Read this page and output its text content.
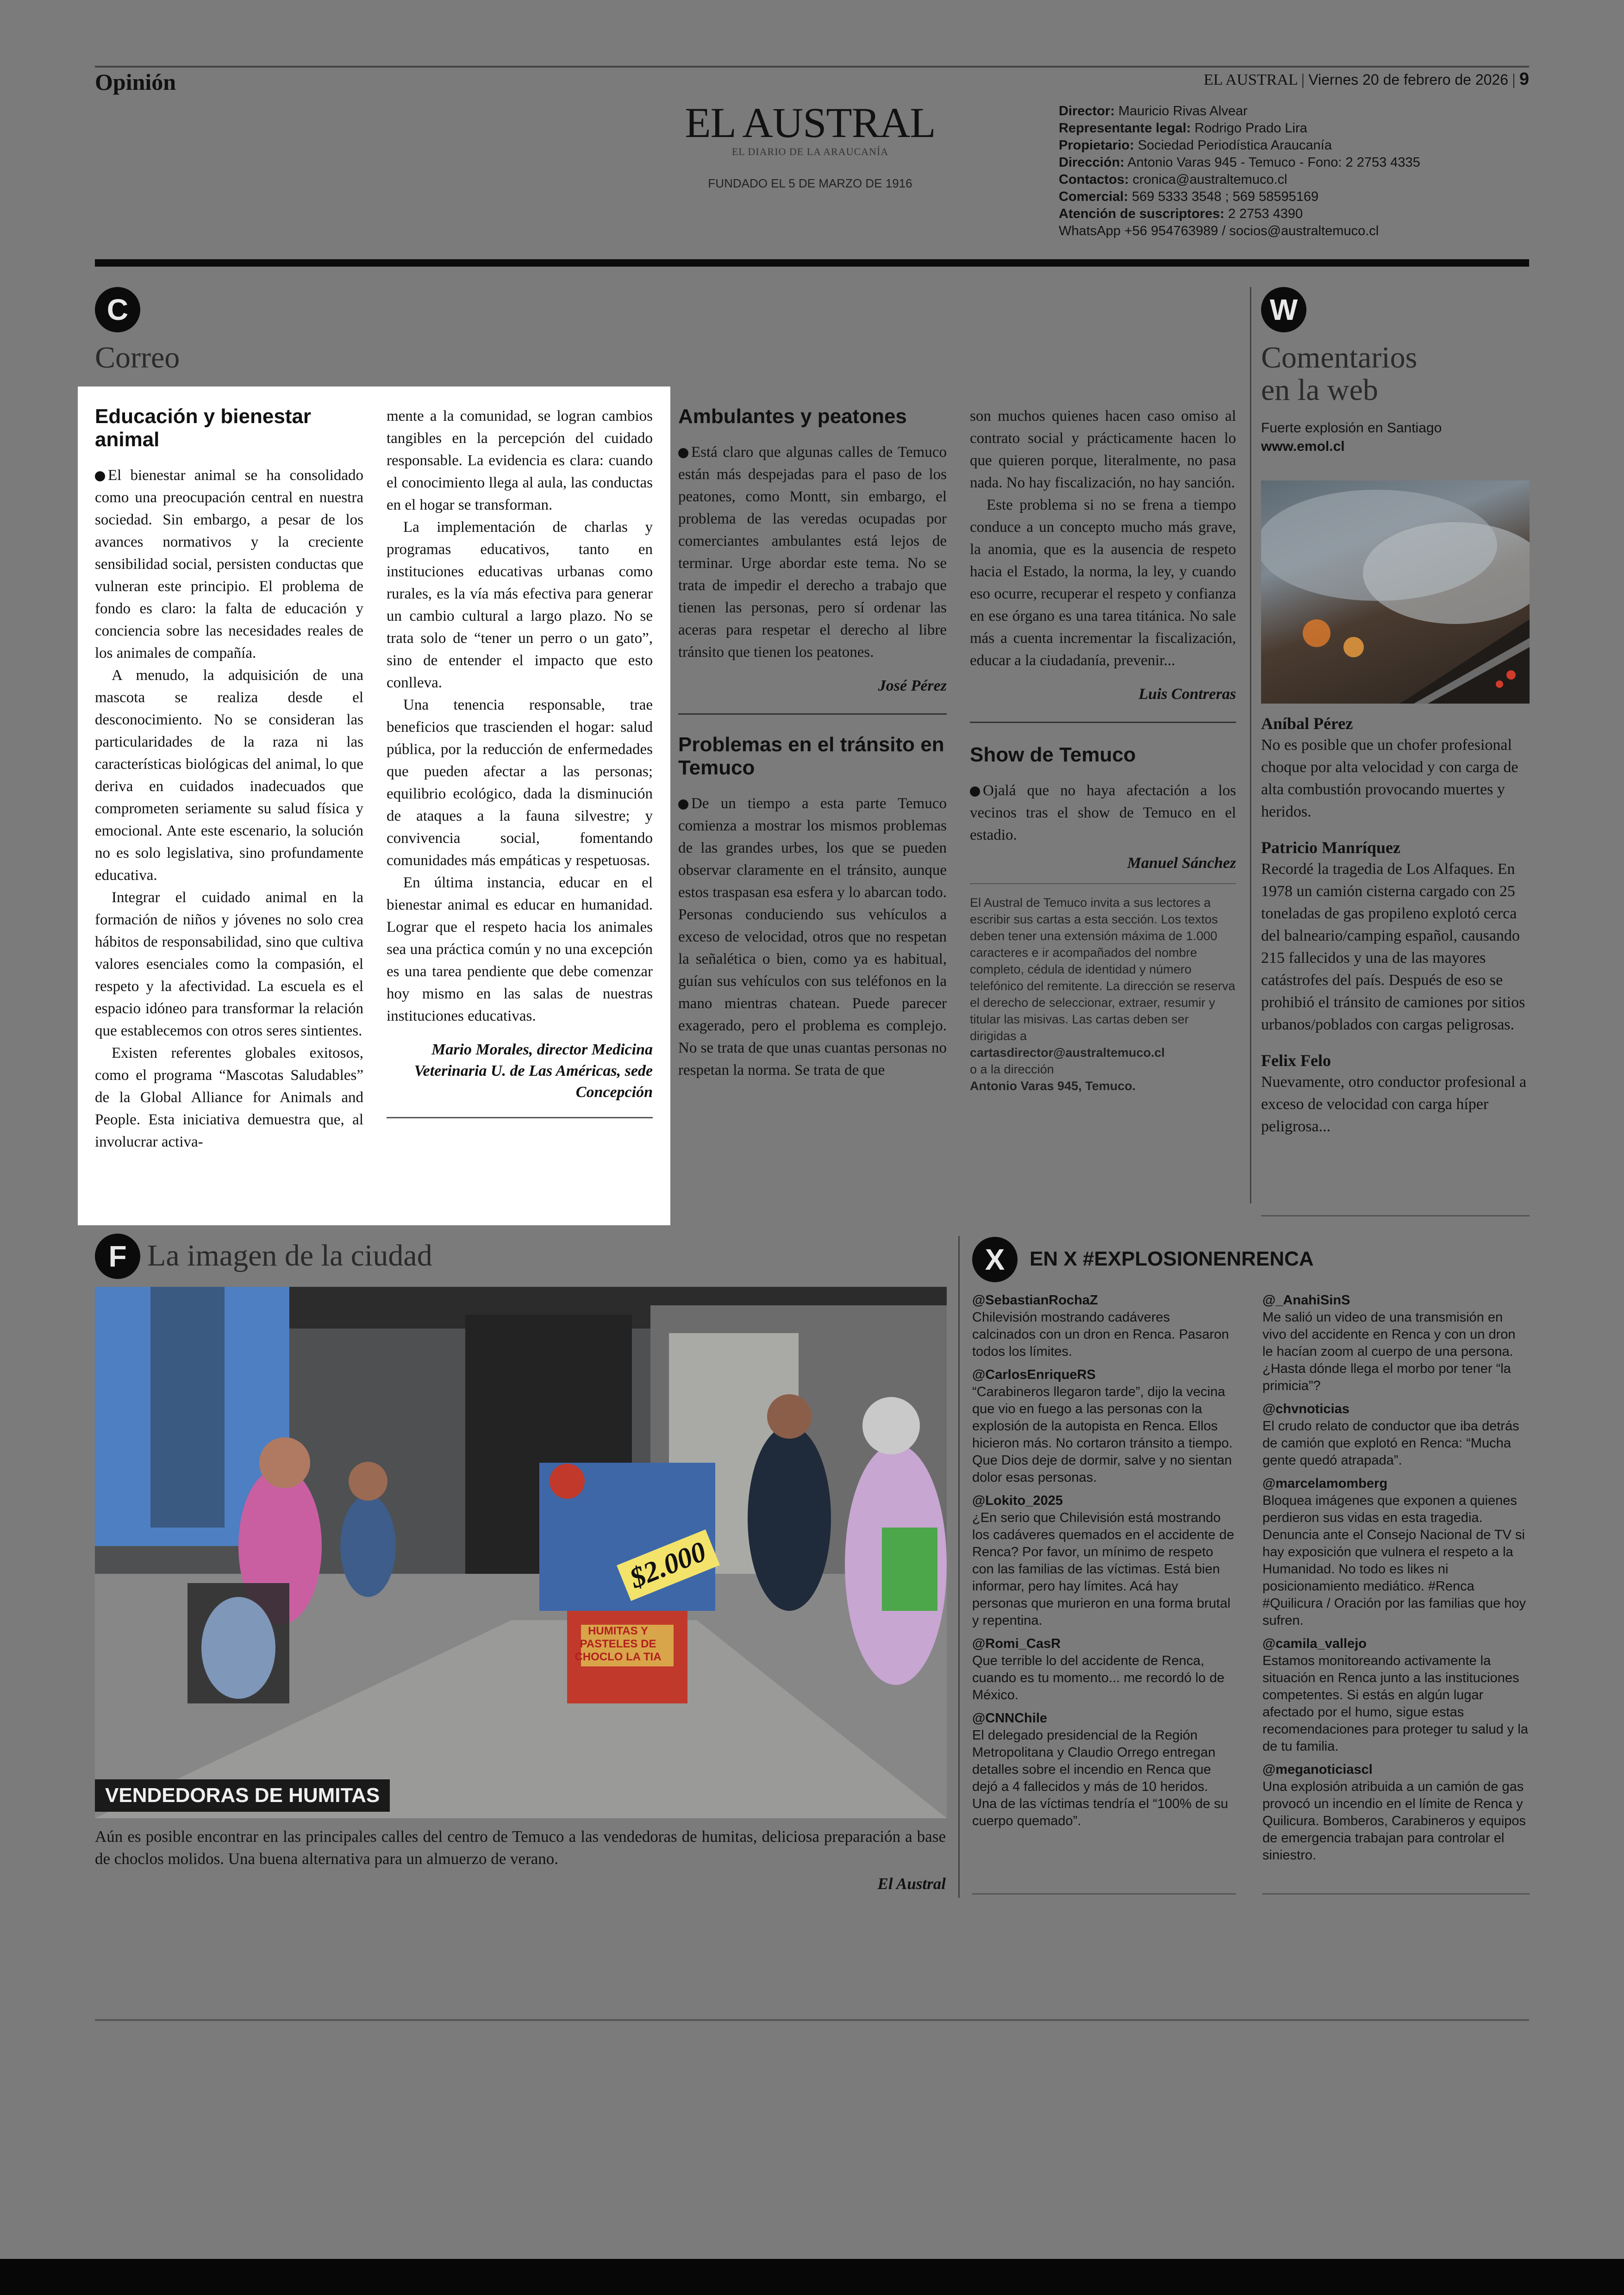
Opinión	EL AUSTRAL | Viernes 20 de febrero de 2026 | 9
EL AUSTRAL
EL DIARIO DE LA ARAUCANÍA
FUNDADO EL 5 DE MARZO DE 1916
Director: Mauricio Rivas Alvear
Representante legal: Rodrigo Prado Lira
Propietario: Sociedad Periodística Araucanía
Dirección: Antonio Varas 945 - Temuco - Fono: 2 2753 4335
Contactos: cronica@australtemuco.cl
Comercial: 569 5333 3548 ; 569 58595169
Atención de suscriptores: 2 2753 4390
WhatsApp +56 954763989 / socios@australtemuco.cl
C
Correo
Educación y bienestar animal

El bienestar animal se ha consolidado como una preocupación central en nuestra sociedad. Sin embargo, a pesar de los avances normativos y la creciente sensibilidad social, persisten conductas que vulneran este principio. El problema de fondo es claro: la falta de educación y conciencia sobre las necesidades reales de los animales de compañía.

A menudo, la adquisición de una mascota se realiza desde el desconocimiento. No se consideran las particularidades de la raza ni las características biológicas del animal, lo que deriva en cuidados inadecuados que comprometen seriamente su salud física y emocional. Ante este escenario, la solución no es solo legislativa, sino profundamente educativa.

Integrar el cuidado animal en la formación de niños y jóvenes no solo crea hábitos de responsabilidad, sino que cultiva valores esenciales como la compasión, el respeto y la afectividad. La escuela es el espacio idóneo para transformar la relación que establecemos con otros seres sintientes.

Existen referentes globales exitosos, como el programa “Mascotas Saludables” de la Global Alliance for Animals and People. Esta iniciativa demuestra que, al involucrar activa-

mente a la comunidad, se logran cambios tangibles en la percepción del cuidado responsable. La evidencia es clara: cuando el conocimiento llega al aula, las conductas en el hogar se transforman.

La implementación de charlas y programas educativos, tanto en instituciones educativas urbanas como rurales, es la vía más efectiva para generar un cambio cultural a largo plazo. No se trata solo de “tener un perro o un gato”, sino de entender el impacto que esto conlleva.

Una tenencia responsable, trae beneficios que trascienden el hogar: salud pública, por la reducción de enfermedades que pueden afectar a las personas; equilibrio ecológico, dada la disminución de ataques a la fauna silvestre; y convivencia social, fomentando comunidades más empáticas y respetuosas.

En última instancia, educar en el bienestar animal es educar en humanidad. Lograr que el respeto hacia los animales sea una práctica común y no una excepción es una tarea pendiente que debe comenzar hoy mismo en las salas de nuestras instituciones educativas.

Mario Morales, director Medicina Veterinaria U. de Las Américas, sede Concepción
Ambulantes y peatones

Está claro que algunas calles de Temuco están más despejadas para el paso de los peatones, como Montt, sin embargo, el problema de las veredas ocupadas por comerciantes ambulantes está lejos de terminar. Urge abordar este tema. No se trata de impedir el derecho a trabajo que tienen las personas, pero sí ordenar las aceras para respetar el derecho al libre tránsito que tienen los peatones.

José Pérez
Problemas en el tránsito en Temuco

De un tiempo a esta parte Temuco comienza a mostrar los mismos problemas de las grandes urbes, los que se pueden observar claramente en el tránsito, aunque estos traspasan esa esfera y lo abarcan todo. Personas conduciendo sus vehículos a exceso de velocidad, otros que no respetan la señalética o bien, como ya es habitual, guían sus vehículos con sus teléfonos en la mano mientras chatean. Puede parecer exagerado, pero el problema es complejo. No se trata de que unas cuantas personas no respetan la norma. Se trata de que

son muchos quienes hacen caso omiso al contrato social y prácticamente hacen lo que quieren porque, literalmente, no pasa nada. No hay fiscalización, no hay sanción.

Este problema si no se frena a tiempo conduce a un concepto mucho más grave, la anomia, que es la ausencia de respeto hacia el Estado, la norma, la ley, y cuando eso ocurre, recuperar el respeto y confianza en ese órgano es una tarea titánica. No sale más a cuenta incrementar la fiscalización, educar a la ciudadanía, prevenir...

Luis Contreras
Show de Temuco

Ojalá que no haya afectación a los vecinos tras el show de Temuco en el estadio.

Manuel Sánchez
El Austral de Temuco invita a sus lectores a escribir sus cartas a esta sección. Los textos deben tener una extensión máxima de 1.000 caracteres e ir acompañados del nombre completo, cédula de identidad y número telefónico del remitente. La dirección se reserva el derecho de seleccionar, extraer, resumir y titular las misivas. Las cartas deben ser dirigidas a
cartasdirector@australtemuco.cl
o a la dirección
Antonio Varas 945, Temuco.
W
Comentarios
en la web
Fuerte explosión en Santiago
www.emol.cl
Aníbal Pérez
No es posible que un chofer profesional choque por alta velocidad y con carga de alta combustión provocando muertes y heridos.
Patricio Manríquez
Recordé la tragedia de Los Alfaques. En 1978 un camión cisterna cargado con 25 toneladas de gas propileno explotó cerca del balneario/camping español, causando 215 fallecidos y una de las mayores catástrofes del país. Después de eso se prohibió el tránsito de camiones por sitios urbanos/poblados con cargas peligrosas.
Felix Felo
Nuevamente, otro conductor profesional a exceso de velocidad con carga híper peligrosa...
F La imagen de la ciudad
$2.000
HUMITAS Y PASTELES DE CHOCLO LA TIA
VENDEDORAS DE HUMITAS
Aún es posible encontrar en las principales calles del centro de Temuco a las vendedoras de humitas, deliciosa preparación a base de choclos molidos. Una buena alternativa para un almuerzo de verano.
El Austral
X	EN X #EXPLOSIONENRENCA
@SebastianRochaZ
Chilevisión mostrando cadáveres calcinados con un dron en Renca. Pasaron todos los límites.
@CarlosEnriqueRS
“Carabineros llegaron tarde”, dijo la vecina que vio en fuego a las personas con la explosión de la autopista en Renca. Ellos hicieron más. No cortaron tránsito a tiempo. Que Dios deje de dormir, salve y no sientan dolor esas personas.
@Lokito_2025
¿En serio que Chilevisión está mostrando los cadáveres quemados en el accidente de Renca? Por favor, un mínimo de respeto con las familias de las víctimas. Está bien informar, pero hay límites. Acá hay personas que murieron en una forma brutal y repentina.
@Romi_CasR
Que terrible lo del accidente de Renca, cuando es tu momento... me recordó lo de México.
@CNNChile
El delegado presidencial de la Región Metropolitana y Claudio Orrego entregan detalles sobre el incendio en Renca que dejó a 4 fallecidos y más de 10 heridos. Una de las víctimas tendría el “100% de su cuerpo quemado”.
@_AnahiSinS
Me salió un video de una transmisión en vivo del accidente en Renca y con un dron le hacían zoom al cuerpo de una persona. ¿Hasta dónde llega el morbo por tener “la primicia”?
@chvnoticias
El crudo relato de conductor que iba detrás de camión que explotó en Renca: “Mucha gente quedó atrapada”.
@marcelamomberg
Bloquea imágenes que exponen a quienes perdieron sus vidas en esta tragedia. Denuncia ante el Consejo Nacional de TV si hay exposición que vulnera el respeto a la Humanidad. No todo es likes ni posicionamiento mediático. #Renca #Quilicura / Oración por las familias que hoy sufren.
@camila_vallejo
Estamos monitoreando activamente la situación en Renca junto a las instituciones competentes. Si estás en algún lugar afectado por el humo, sigue estas recomendaciones para proteger tu salud y la de tu familia.
@meganoticiascl
Una explosión atribuida a un camión de gas provocó un incendio en el límite de Renca y Quilicura. Bomberos, Carabineros y equipos de emergencia trabajan para controlar el siniestro.
